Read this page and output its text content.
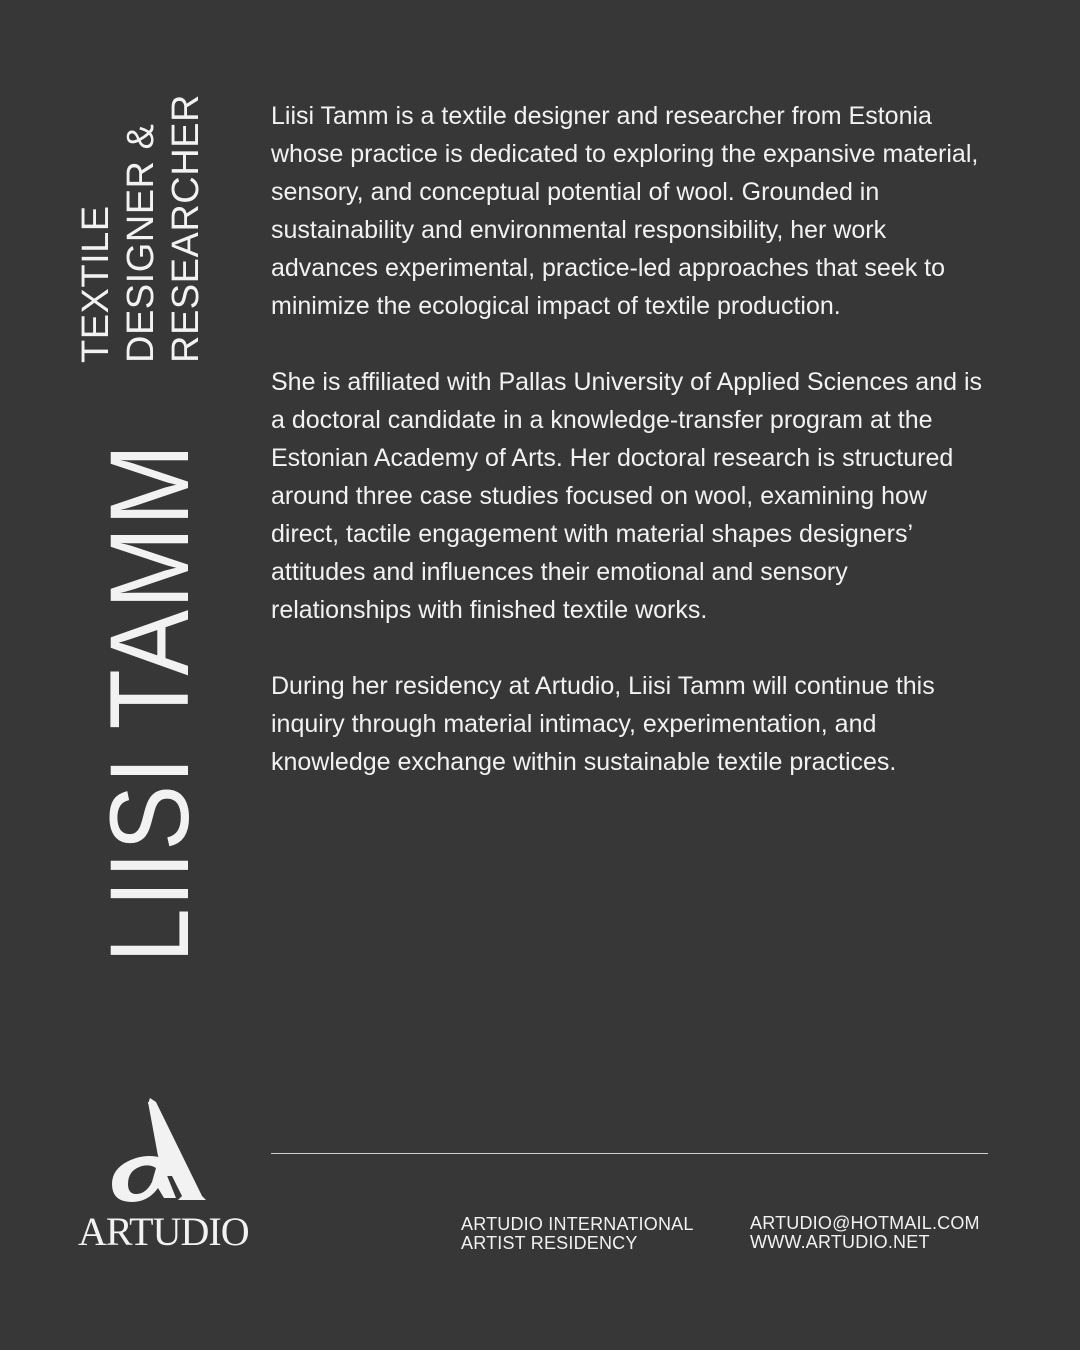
LIISI TAMM
TEXTILE DESIGNER & RESEARCHER	Liisi Tamm is a textile designer and researcher from Estonia whose practice is dedicated to exploring the expansive material, sensory, and conceptual potential of wool. Grounded in sustainability and environmental responsibility, her work advances experimental, practice-led approaches that seek to minimize the ecological impact of textile production.

She is affiliated with Pallas University of Applied Sciences and is a doctoral candidate in a knowledge-transfer program at the Estonian Academy of Arts. Her doctoral research is structured around three case studies focused on wool, examining how direct, tactile engagement with material shapes designers’ attitudes and influences their emotional and sensory relationships with finished textile works.

During her residency at Artudio, Liisi Tamm will continue this inquiry through material intimacy, experimentation, and knowledge exchange within sustainable textile practices.

ARTUDIO	ARTUDIO INTERNATIONAL
ARTIST RESIDENCY
ARTUDIO@HOTMAIL.COM
WWW.ARTUDIO.NET
